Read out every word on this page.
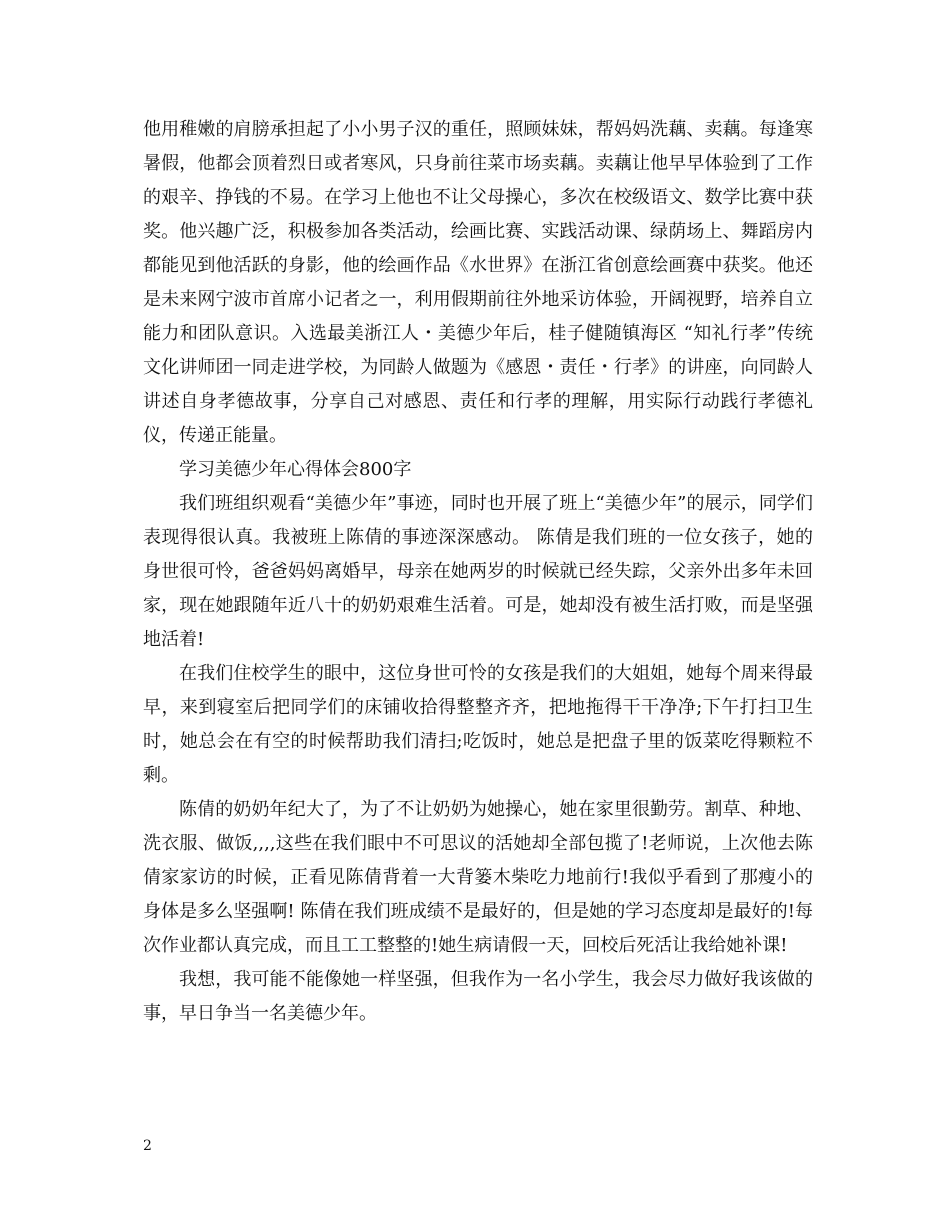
他用稚嫩的肩膀承担起了小小男子汉的重任，照顾妹妹，帮妈妈洗藕、卖藕。每逢寒暑假，他都会顶着烈日或者寒风，只身前往菜市场卖藕。卖藕让他早早体验到了工作的艰辛、挣钱的不易。在学习上他也不让父母操心，多次在校级语文、数学比赛中获奖。他兴趣广泛，积极参加各类活动，绘画比赛、实践活动课、绿荫场上、舞蹈房内都能见到他活跃的身影，他的绘画作品《水世界》在浙江省创意绘画赛中获奖。他还是未来网宁波市首席小记者之一，利用假期前往外地采访体验，开阔视野，培养自立能力和团队意识。入选最美浙江人・美德少年后，桂子健随镇海区 “知礼行孝”传统文化讲师团一同走进学校，为同龄人做题为《感恩・责任・行孝》的讲座，向同龄人讲述自身孝德故事，分享自己对感恩、责任和行孝的理解，用实际行动践行孝德礼仪，传递正能量。

学习美德少年心得体会800字

我们班组织观看“美德少年”事迹，同时也开展了班上“美德少年”的展示，同学们表现得很认真。我被班上陈倩的事迹深深感动。 陈倩是我们班的一位女孩子，她的身世很可怜，爸爸妈妈离婚早，母亲在她两岁的时候就已经失踪，父亲外出多年未回家，现在她跟随年近八十的奶奶艰难生活着。可是，她却没有被生活打败，而是坚强地活着!

在我们住校学生的眼中，这位身世可怜的女孩是我们的大姐姐，她每个周来得最早，来到寝室后把同学们的床铺收拾得整整齐齐，把地拖得干干净净;下午打扫卫生时，她总会在有空的时候帮助我们清扫;吃饭时，她总是把盘子里的饭菜吃得颗粒不剩。

陈倩的奶奶年纪大了，为了不让奶奶为她操心，她在家里很勤劳。割草、种地、洗衣服、做饭,,,,这些在我们眼中不可思议的活她却全部包揽了!老师说，上次他去陈倩家家访的时候，正看见陈倩背着一大背篓木柴吃力地前行!我似乎看到了那瘦小的身体是多么坚强啊! 陈倩在我们班成绩不是最好的，但是她的学习态度却是最好的!每次作业都认真完成，而且工工整整的!她生病请假一天，回校后死活让我给她补课!

我想，我可能不能像她一样坚强，但我作为一名小学生，我会尽力做好我该做的事，早日争当一名美德少年。

2
